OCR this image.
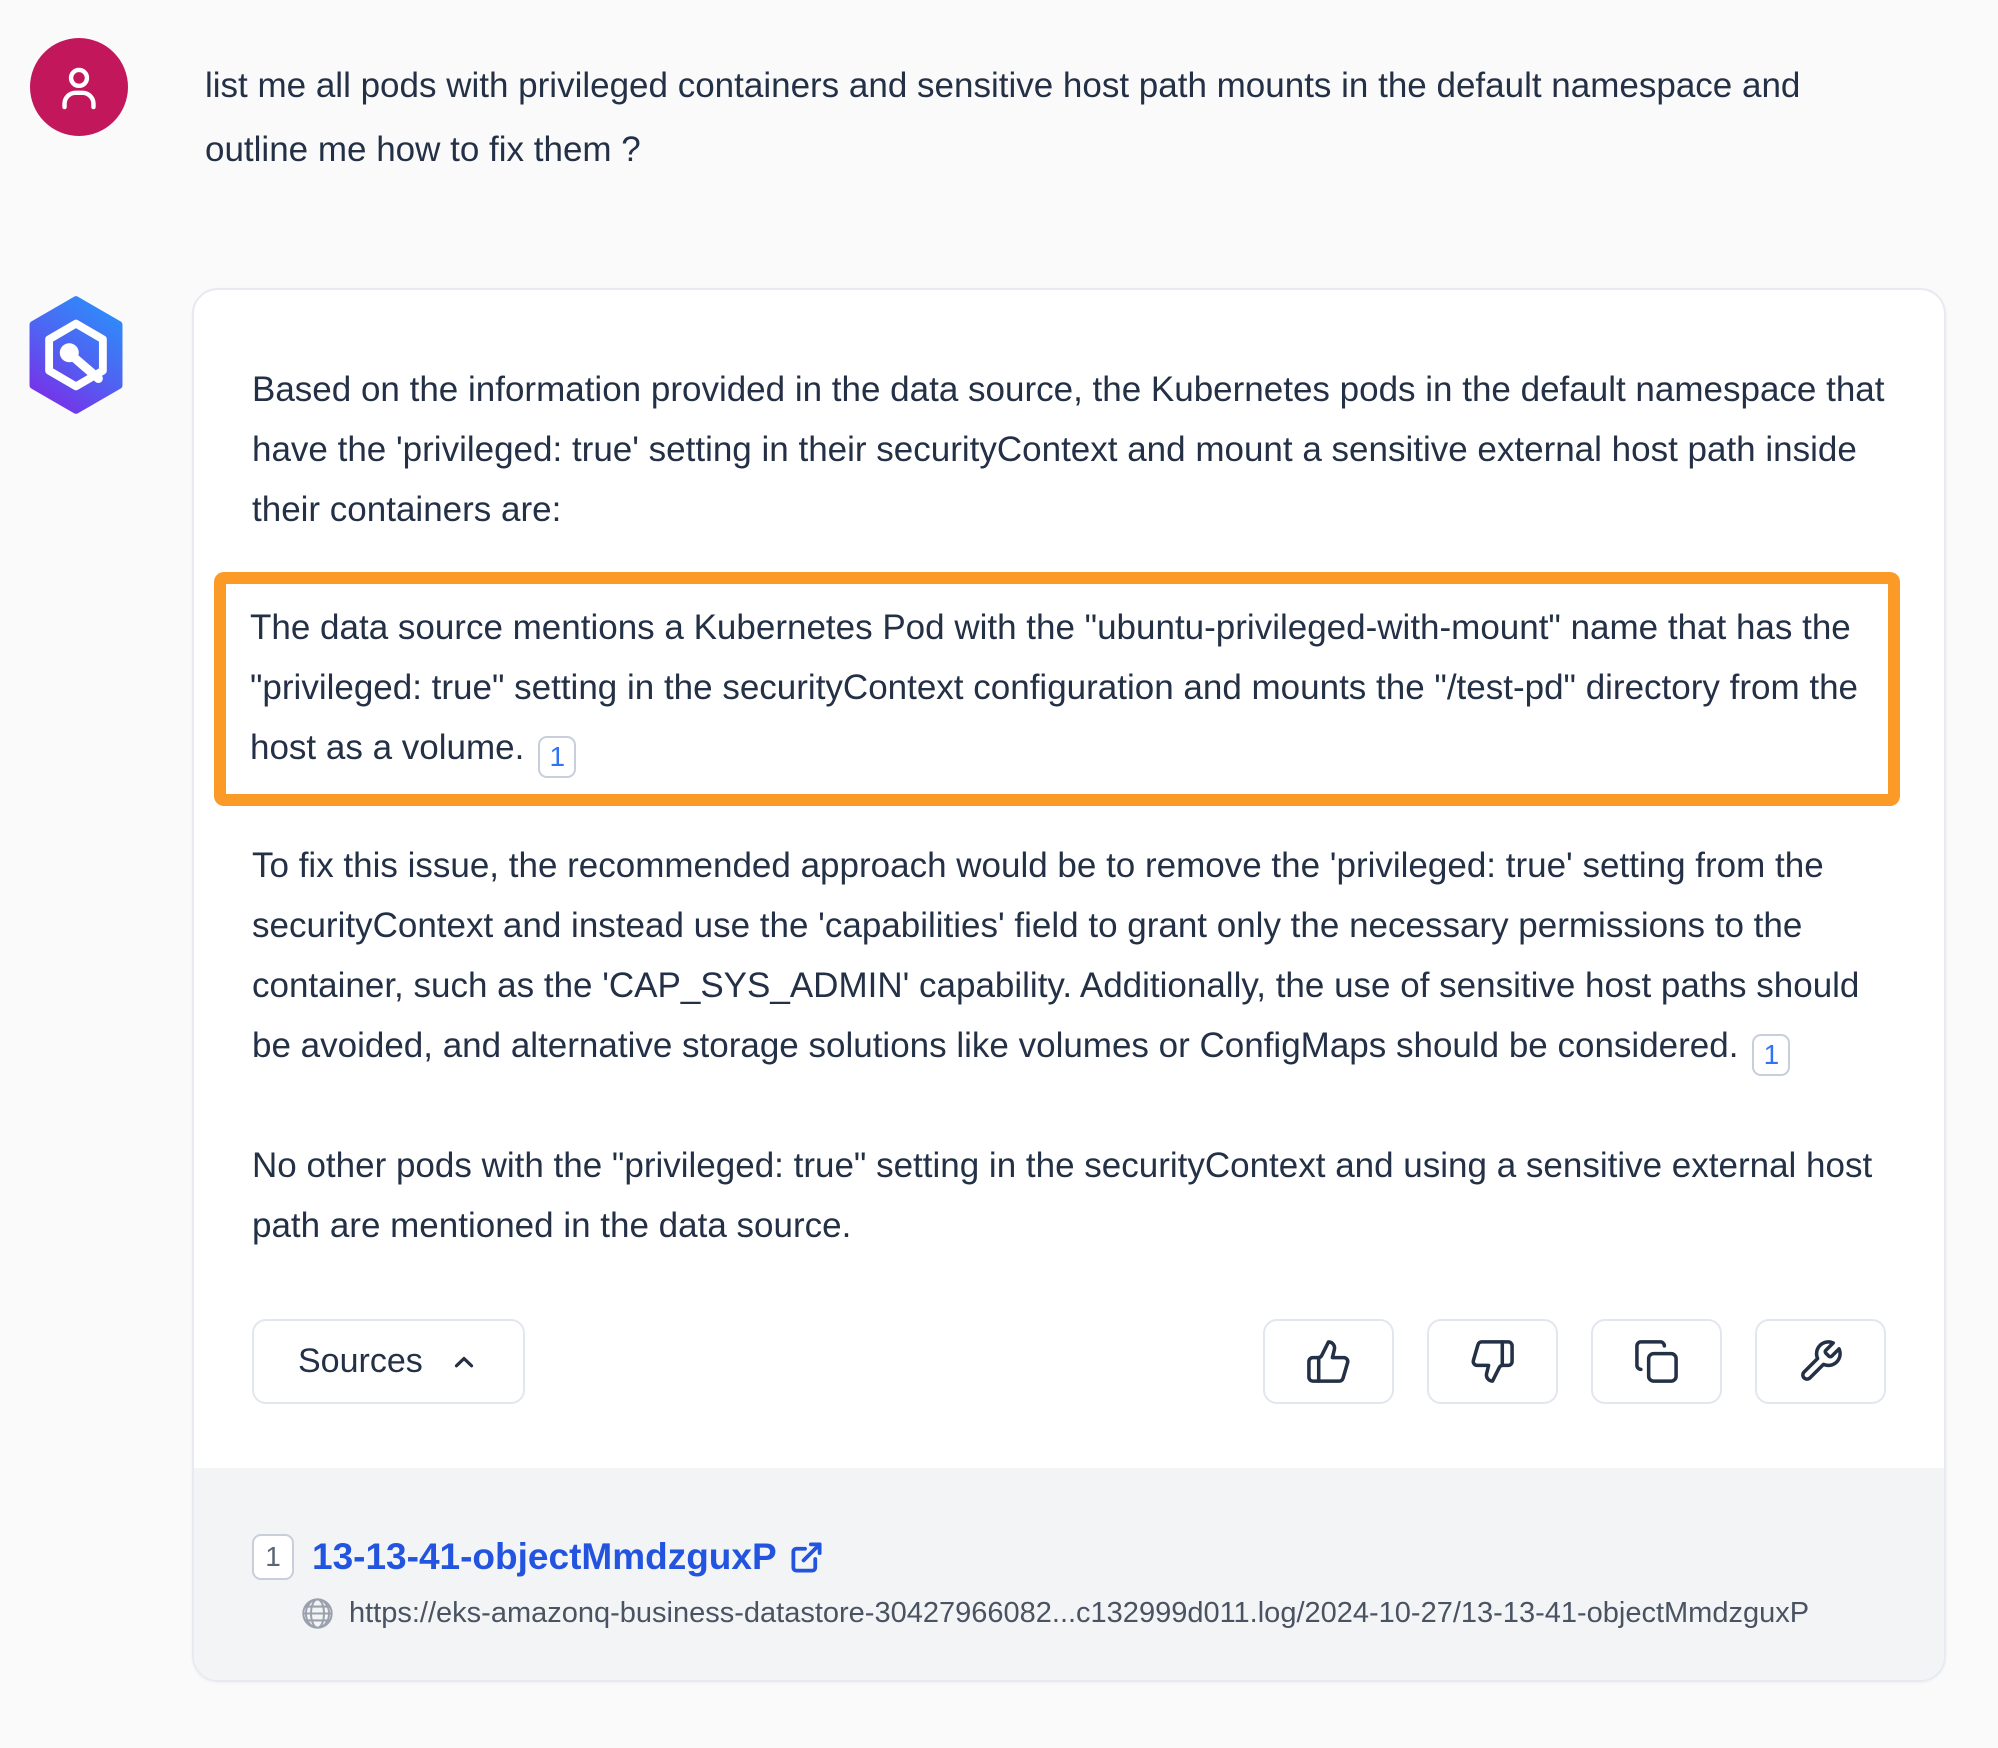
list me all pods with privileged containers and sensitive host path mounts in the default namespace and outline me how to fix them ?

Based on the information provided in the data source, the Kubernetes pods in the default namespace that have the 'privileged: true' setting in their securityContext and mount a sensitive external host path inside their containers are:

The data source mentions a Kubernetes Pod with the "ubuntu-privileged-with-mount" name that has the "privileged: true" setting in the securityContext configuration and mounts the "/test-pd" directory from the host as a volume. 1

To fix this issue, the recommended approach would be to remove the 'privileged: true' setting from the securityContext and instead use the 'capabilities' field to grant only the necessary permissions to the container, such as the 'CAP_SYS_ADMIN' capability. Additionally, the use of sensitive host paths should be avoided, and alternative storage solutions like volumes or ConfigMaps should be considered. 1

No other pods with the "privileged: true" setting in the securityContext and using a sensitive external host path are mentioned in the data source.

Sources
1 13-13-41-objectMmdzguxP
https://eks-amazonq-business-datastore-30427966082...c132999d011.log/2024-10-27/13-13-41-objectMmdzguxP
